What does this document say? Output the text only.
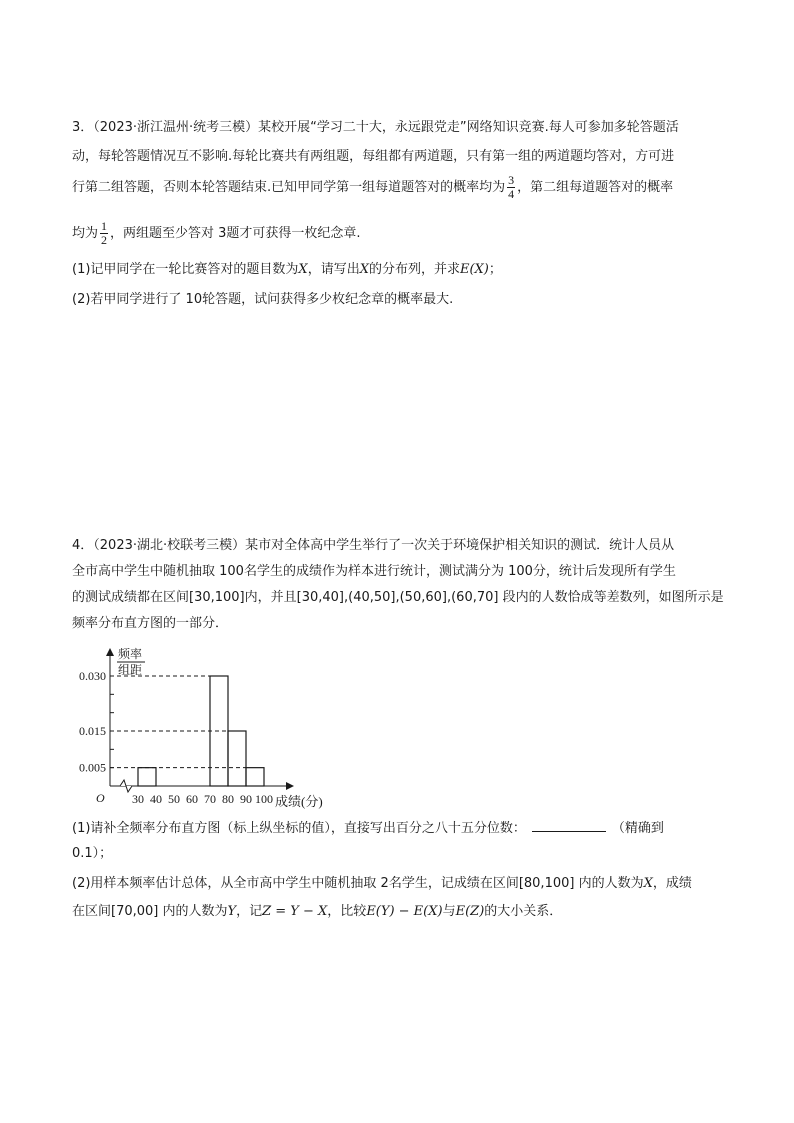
3．（2023·浙江温州·统考三模）某校开展“学习二十大，永远跟党走”网络知识竞赛.每人可参加多轮答题活
动，每轮答题情况互不影响.每轮比赛共有两组题，每组都有两道题，只有第一组的两道题均答对，方可进
行第二组答题，否则本轮答题结束.已知甲同学第一组每道题答对的概率均为 $\frac{3}{4}$ ，第二组每道题答对的概率
均为 $\frac{1}{2}$ ，两组题至少答对 3题才可获得一枚纪念章.
(1)记甲同学在一轮比赛答对的题目数为X，请写出X的分布列，并求E(X)；
(2)若甲同学进行了 10轮答题，试问获得多少枚纪念章的概率最大.
4．（2023·湖北·校联考三模）某市对全体高中学生举行了一次关于环境保护相关知识的测试．统计人员从
全市高中学生中随机抽取 100名学生的成绩作为样本进行统计，测试满分为 100分，统计后发现所有学生
的测试成绩都在区间[30,100]内，并且[30,40],(40,50],(50,60],(60,70] 段内的人数恰成等差数列，如图所示是
频率分布直方图的一部分．
频率
组距
O	成绩(分)
0.005
0.015
0.030
30 40 50 60 70 80 90 100
(1)请补全频率分布直方图（标上纵坐标的值），直接写出百分之八十五分位数：	（精确到
0.1）；
(2)用样本频率估计总体，从全市高中学生中随机抽取 2名学生，记成绩在区间[80,100] 内的人数为X，成绩
在区间[70,00] 内的人数为Y，记Z = Y − X，比较E(Y) − E(X)与E(Z)的大小关系．
